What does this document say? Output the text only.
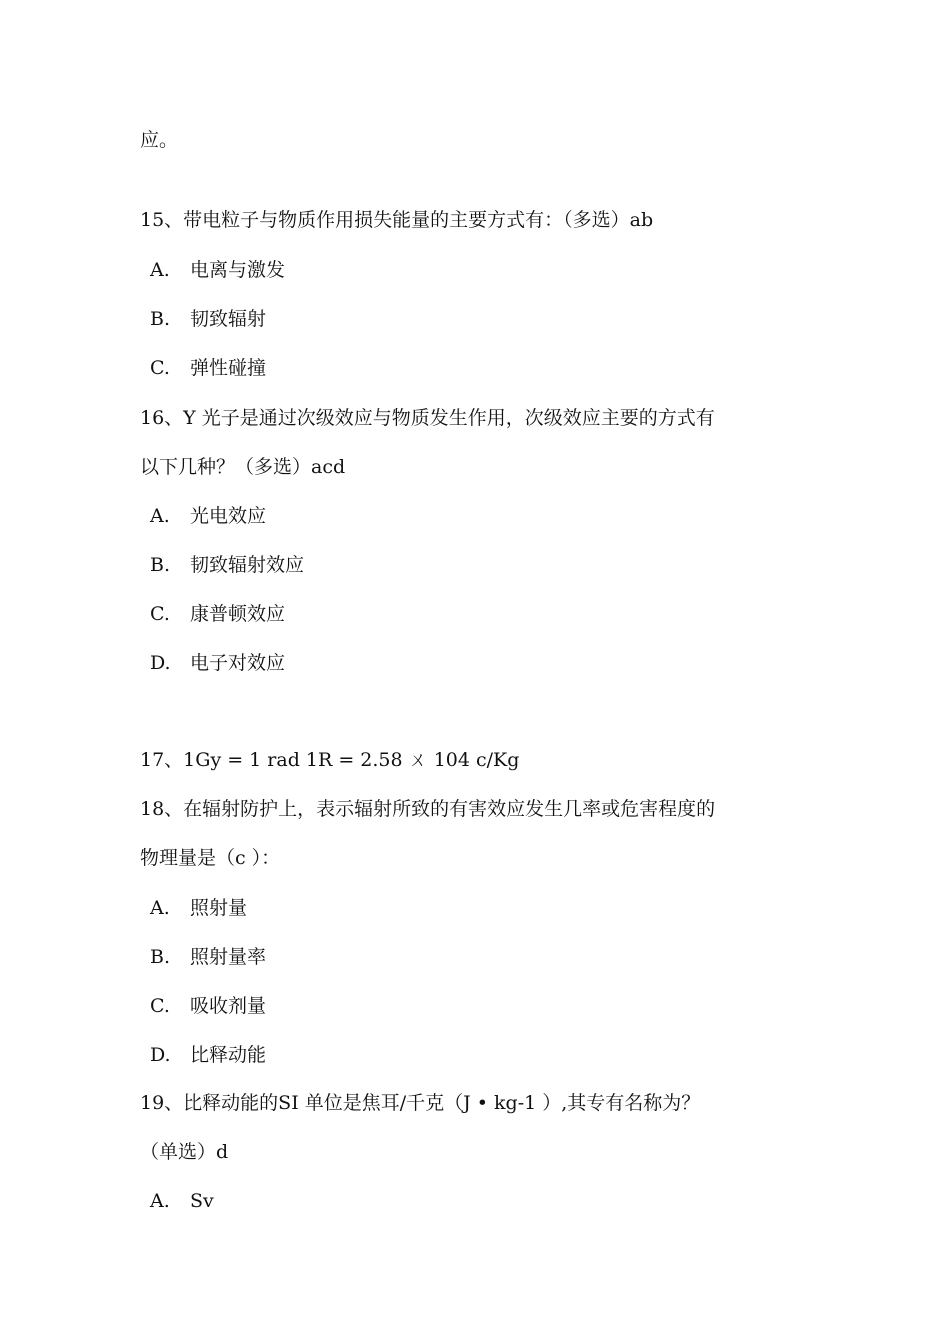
应。
15、带电粒子与物质作用损失能量的主要方式有：（多选）ab
A. 电离与激发
B. 韧致辐射
C. 弹性碰撞
16、Y 光子是通过次级效应与物质发生作用，次级效应主要的方式有
以下几种？（多选）acd
A. 光电效应
B. 韧致辐射效应
C. 康普顿效应
D. 电子对效应
17、1Gy = 1 rad 1R = 2.58 ㄨ 104 c/Kg
18、在辐射防护上，表示辐射所致的有害效应发生几率或危害程度的
物理量是（c ）：
A. 照射量
B. 照射量率
C. 吸收剂量
D. 比释动能
19、比释动能的SI 单位是焦耳/千克（J • kg-1 ）,其专有名称为？
（单选）d
A. Sv
